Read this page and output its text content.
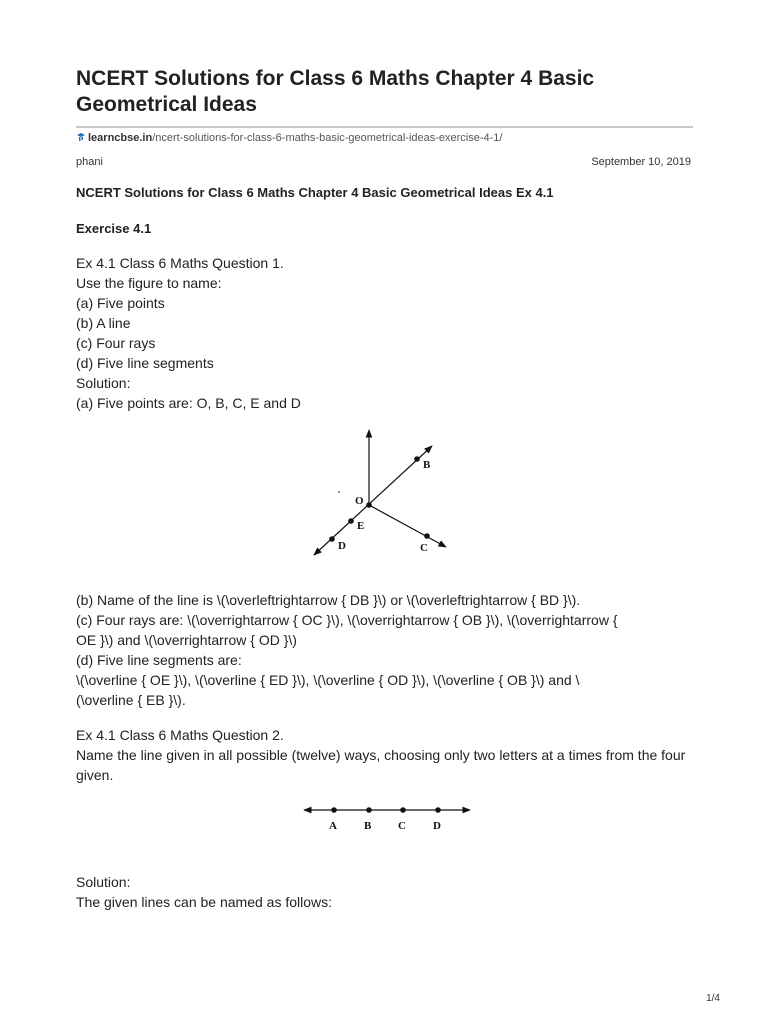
NCERT Solutions for Class 6 Maths Chapter 4 Basic Geometrical Ideas
learncbse.in/ncert-solutions-for-class-6-maths-basic-geometrical-ideas-exercise-4-1/
phani	September 10, 2019
NCERT Solutions for Class 6 Maths Chapter 4 Basic Geometrical Ideas Ex 4.1
Exercise 4.1
Ex 4.1 Class 6 Maths Question 1.
Use the figure to name:
(a) Five points
(b) A line
(c) Four rays
(d) Five line segments
Solution:
(a) Five points are: O, B, C, E and D
B
O
E
D	C
(b) Name of the line is \(\overleftrightarrow { DB }\) or \(\overleftrightarrow { BD }\).
(c) Four rays are: \(\overrightarrow { OC }\), \(\overrightarrow { OB }\), \(\overrightarrow {
OE }\) and \(\overrightarrow { OD }\)
(d) Five line segments are:
\(\overline { OE }\), \(\overline { ED }\), \(\overline { OD }\), \(\overline { OB }\) and \
(\overline { EB }\).
Ex 4.1 Class 6 Maths Question 2.
Name the line given in all possible (twelve) ways, choosing only two letters at a times from the four given.
A B C D
Solution:
The given lines can be named as follows:
1/4
